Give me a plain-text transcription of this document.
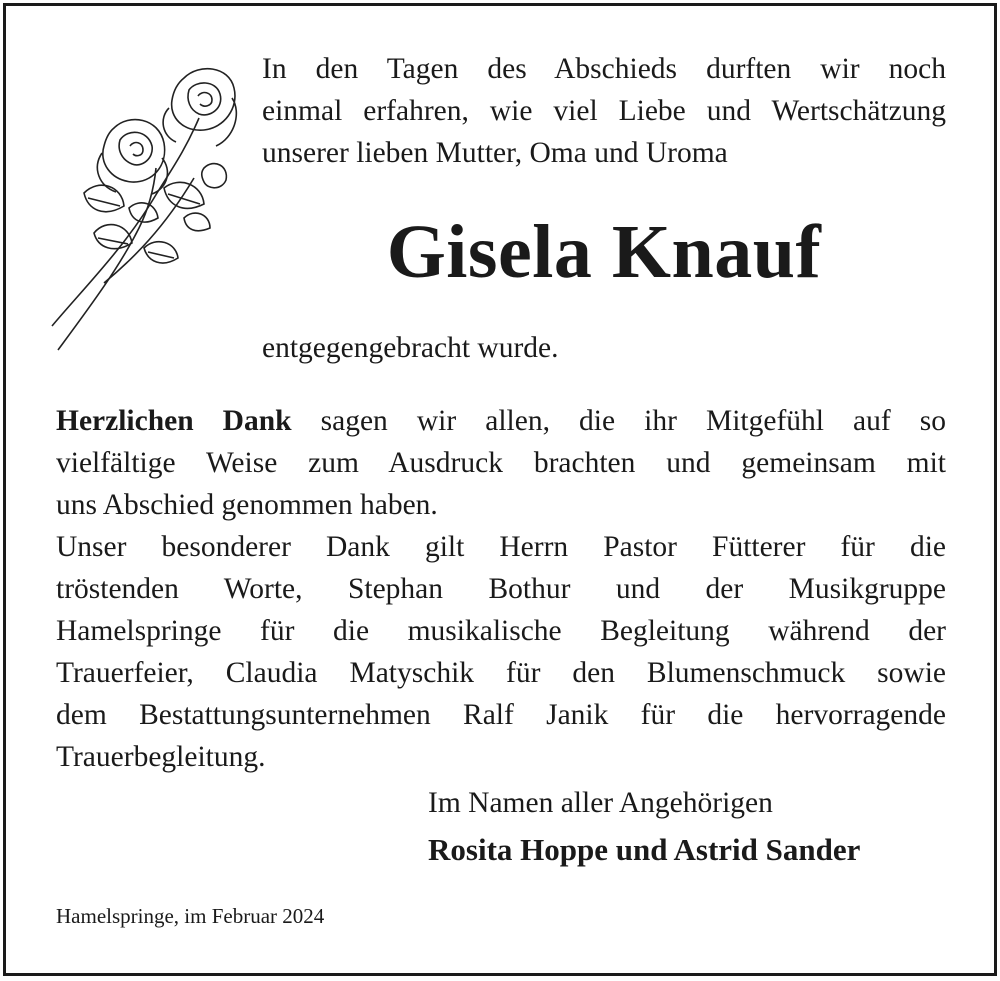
In den Tagen des Abschieds durften wir noch

einmal erfahren, wie viel Liebe und Wertschätzung

unserer lieben Mutter, Oma und Uroma

Gisela Knauf
entgegengebracht wurde.

Herzlichen Dank sagen wir allen, die ihr Mitgefühl auf so

vielfältige Weise zum Ausdruck brachten und gemeinsam mit

uns Abschied genommen haben.

Unser besonderer Dank gilt Herrn Pastor Fütterer für die

tröstenden Worte, Stephan Bothur und der Musikgruppe

Hamelspringe für die musikalische Begleitung während der

Trauerfeier, Claudia Matyschik für den Blumenschmuck sowie

dem Bestattungsunternehmen Ralf Janik für die hervorragende

Trauerbegleitung.

Im Namen aller Angehörigen
Rosita Hoppe und Astrid Sander
Hamelspringe, im Februar 2024
